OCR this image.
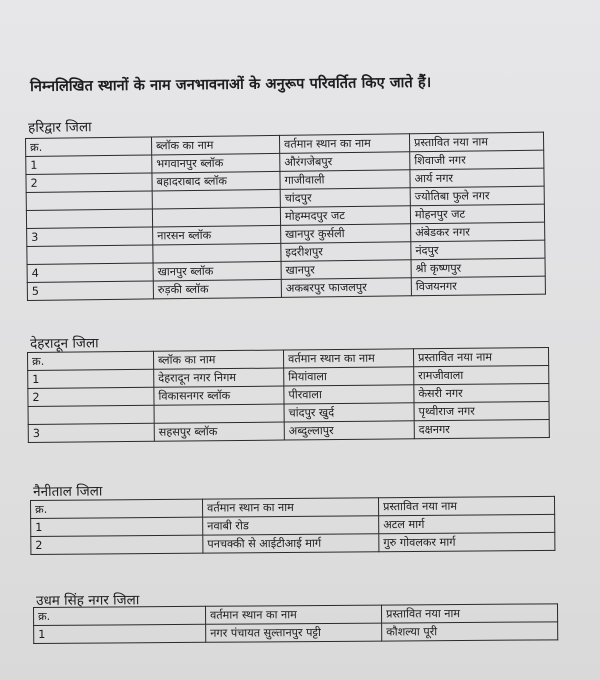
निम्नलिखित स्थानों के नाम जनभावनाओं के अनुरूप परिवर्तित किए जाते हैं।
हरिद्वार जिला
क्र.	ब्लॉक का नाम	वर्तमान स्थान का नाम	प्रस्तावित नया नाम
1	भगवानपुर ब्लॉक	औरंगजेबपुर	शिवाजी नगर
2	बहादराबाद ब्लॉक	गाजीवाली	आर्य नगर
		चांदपुर	ज्योतिबा फुले नगर
		मोहम्मदपुर जट	मोहनपुर जट
3	नारसन ब्लॉक	खानपुर कुर्सली	अंबेडकर नगर
		इदरीशपुर	नंदपुर
4	खानपुर ब्लॉक	खानपुर	श्री कृष्णपुर
5	रुड़की ब्लॉक	अकबरपुर फाजलपुर	विजयनगर
देहरादून जिला
क्र.	ब्लॉक का नाम	वर्तमान स्थान का नाम	प्रस्तावित नया नाम
1	देहरादून नगर निगम	मियांवाला	रामजीवाला
2	विकासनगर ब्लॉक	पीरवाला	केसरी नगर
		चांदपुर खुर्द	पृथ्वीराज नगर
3	सहसपुर ब्लॉक	अब्दुल्लापुर	दक्षनगर
नैनीताल जिला
क्र.	वर्तमान स्थान का नाम	प्रस्तावित नया नाम
1	नवाबी रोड	अटल मार्ग
2	पनचक्की से आईटीआई मार्ग	गुरु गोवलकर मार्ग
उधम सिंह नगर जिला
क्र.	वर्तमान स्थान का नाम	प्रस्तावित नया नाम
1	नगर पंचायत सुल्तानपुर पट्टी	कौशल्या पूरी
